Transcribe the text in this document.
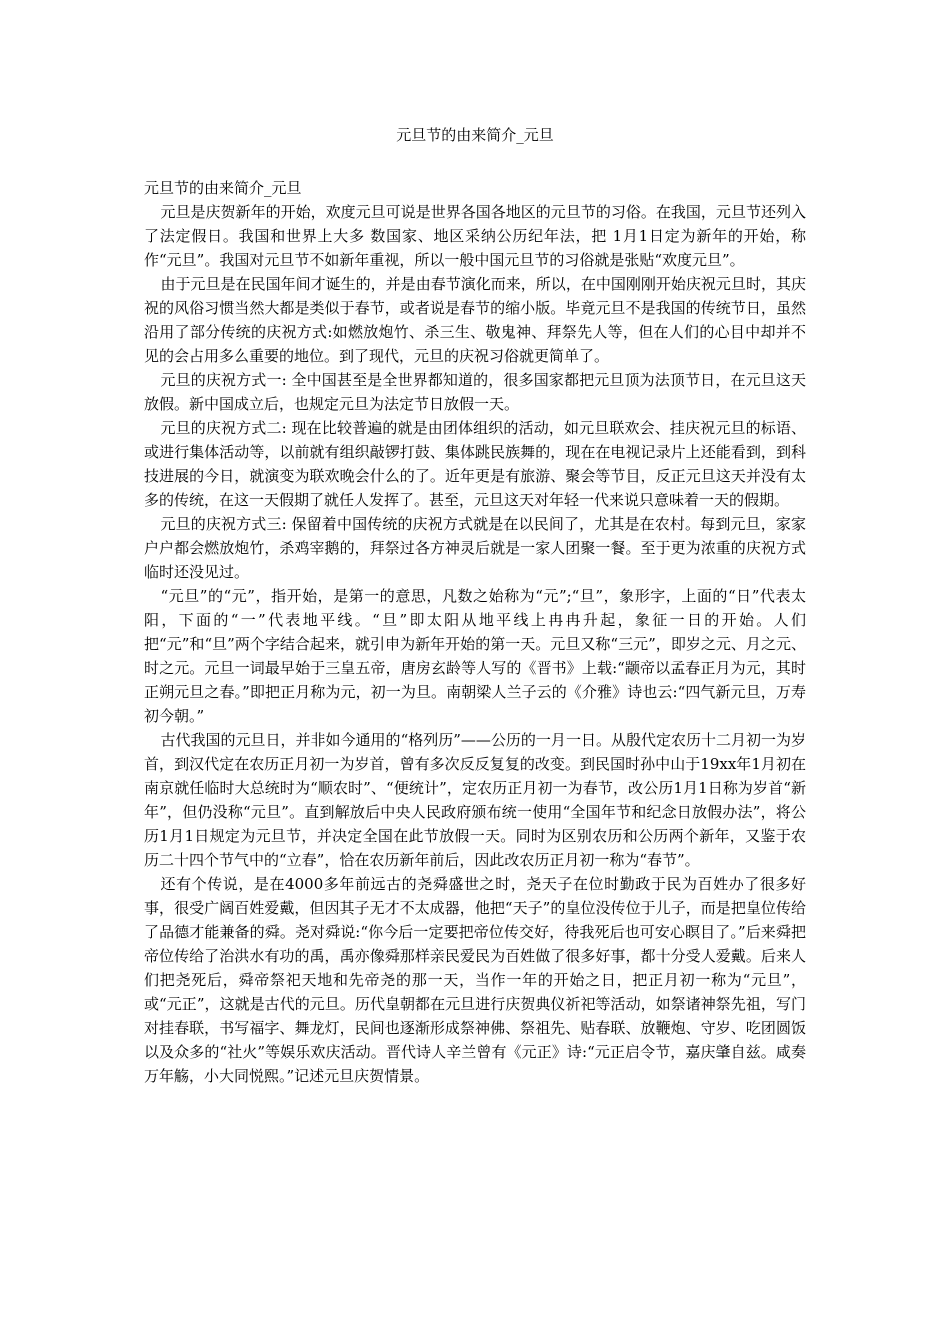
元旦节的由来简介_元旦

元旦节的由来简介_元旦

元旦是庆贺新年的开始，欢度元旦可说是世界各国各地区的元旦节的习俗。在我国，元旦节还列入了法定假日。我国和世界上大多 数国家、地区采纳公历纪年法，把 1月1日定为新年的开始，称作“元旦”。我国对元旦节不如新年重视，所以一般中国元旦节的习俗就是张贴“欢度元旦”。

由于元旦是在民国年间才诞生的，并是由春节演化而来，所以，在中国刚刚开始庆祝元旦时，其庆祝的风俗习惯当然大都是类似于春节，或者说是春节的缩小版。毕竟元旦不是我国的传统节日，虽然沿用了部分传统的庆祝方式:如燃放炮竹、杀三生、敬鬼神、拜祭先人等，但在人们的心目中却并不见的会占用多么重要的地位。到了现代，元旦的庆祝习俗就更简单了。

元旦的庆祝方式一: 全中国甚至是全世界都知道的，很多国家都把元旦顶为法顶节日，在元旦这天放假。新中国成立后，也规定元旦为法定节日放假一天。

元旦的庆祝方式二: 现在比较普遍的就是由团体组织的活动，如元旦联欢会、挂庆祝元旦的标语、或进行集体活动等，以前就有组织敲锣打鼓、集体跳民族舞的，现在在电视记录片上还能看到，到科技进展的今日，就演变为联欢晚会什么的了。近年更是有旅游、聚会等节目，反正元旦这天并没有太多的传统，在这一天假期了就任人发挥了。甚至，元旦这天对年轻一代来说只意味着一天的假期。

元旦的庆祝方式三: 保留着中国传统的庆祝方式就是在以民间了，尤其是在农村。每到元旦，家家户户都会燃放炮竹，杀鸡宰鹅的，拜祭过各方神灵后就是一家人团聚一餐。至于更为浓重的庆祝方式临时还没见过。

“元旦”的“元”，指开始，是第一的意思，凡数之始称为“元”;“旦”，象形字，上面的“日”代表太阳，下面的“一”代表地平线。“旦”即太阳从地平线上冉冉升起，象征一日的开始。人们把“元”和“旦”两个字结合起来，就引申为新年开始的第一天。元旦又称“三元”，即岁之元、月之元、时之元。元旦一词最早始于三皇五帝，唐房玄龄等人写的《晋书》上载:“颛帝以孟春正月为元，其时正朔元旦之春。”即把正月称为元，初一为旦。南朝梁人兰子云的《介雅》诗也云:“四气新元旦，万寿初今朝。”

古代我国的元旦日，并非如今通用的“格列历”——公历的一月一日。从殷代定农历十二月初一为岁首，到汉代定在农历正月初一为岁首，曾有多次反反复复的改变。到民国时孙中山于19xx年1月初在南京就任临时大总统时为“顺农时”、“便统计”，定农历正月初一为春节，改公历1月1日称为岁首“新年”，但仍没称“元旦”。直到解放后中央人民政府颁布统一使用“全国年节和纪念日放假办法”，将公历1月1日规定为元旦节，并决定全国在此节放假一天。同时为区别农历和公历两个新年，又鉴于农历二十四个节气中的“立春”，恰在农历新年前后，因此改农历正月初一称为“春节”。

还有个传说，是在4000多年前远古的尧舜盛世之时，尧天子在位时勤政于民为百姓办了很多好事，很受广阔百姓爱戴，但因其子无才不太成器，他把“天子”的皇位没传位于儿子，而是把皇位传给了品德才能兼备的舜。尧对舜说:“你今后一定要把帝位传交好，待我死后也可安心瞑目了。”后来舜把帝位传给了治洪水有功的禹，禹亦像舜那样亲民爱民为百姓做了很多好事，都十分受人爱戴。后来人们把尧死后，舜帝祭祀天地和先帝尧的那一天，当作一年的开始之日，把正月初一称为“元旦”，或“元正”，这就是古代的元旦。历代皇朝都在元旦进行庆贺典仪祈祀等活动，如祭诸神祭先祖，写门对挂春联，书写福字、舞龙灯，民间也逐渐形成祭神佛、祭祖先、贴春联、放鞭炮、守岁、吃团圆饭以及众多的“社火”等娱乐欢庆活动。晋代诗人辛兰曾有《元正》诗:“元正启令节，嘉庆肇自兹。咸奏万年觞，小大同悦熙。”记述元旦庆贺情景。
